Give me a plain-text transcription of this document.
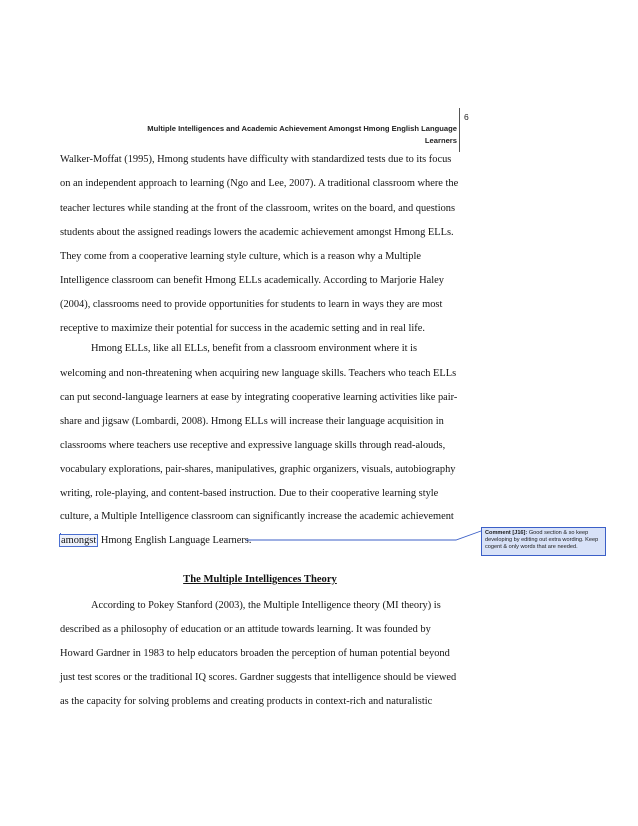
6
Multiple Intelligences and Academic Achievement Amongst Hmong English Language
Learners
Walker-Moffat (1995), Hmong students have difficulty with standardized tests due to its focus
on an independent approach to learning (Ngo and Lee, 2007). A traditional classroom where the
teacher lectures while standing at the front of the classroom, writes on the board, and questions
students about the assigned readings lowers the academic achievement amongst Hmong ELLs.
They come from a cooperative learning style culture, which is a reason why a Multiple
Intelligence classroom can benefit Hmong ELLs academically. According to Marjorie Haley
(2004), classrooms need to provide opportunities for students to learn in ways they are most
receptive to maximize their potential for success in the academic setting and in real life.
Hmong ELLs, like all ELLs, benefit from a classroom environment where it is
welcoming and non-threatening when acquiring new language skills. Teachers who teach ELLs
can put second-language learners at ease by integrating cooperative learning activities like pair-
share and jigsaw (Lombardi, 2008). Hmong ELLs will increase their language acquisition in
classrooms where teachers use receptive and expressive language skills through read-alouds,
vocabulary explorations, pair-shares, manipulatives, graphic organizers, visuals, autobiography
writing, role-playing, and content-based instruction. Due to their cooperative learning style
culture, a Multiple Intelligence classroom can significantly increase the academic achievement
amongst Hmong English Language Learners.
The Multiple Intelligences Theory
According to Pokey Stanford (2003), the Multiple Intelligence theory (MI theory) is
described as a philosophy of education or an attitude towards learning. It was founded by
Howard Gardner in 1983 to help educators broaden the perception of human potential beyond
just test scores or the traditional IQ scores. Gardner suggests that intelligence should be viewed
as the capacity for solving problems and creating products in context-rich and naturalistic
Comment [J16]: Good section & so keep developing by editing out extra wording. Keep cogent & only words that are needed.
